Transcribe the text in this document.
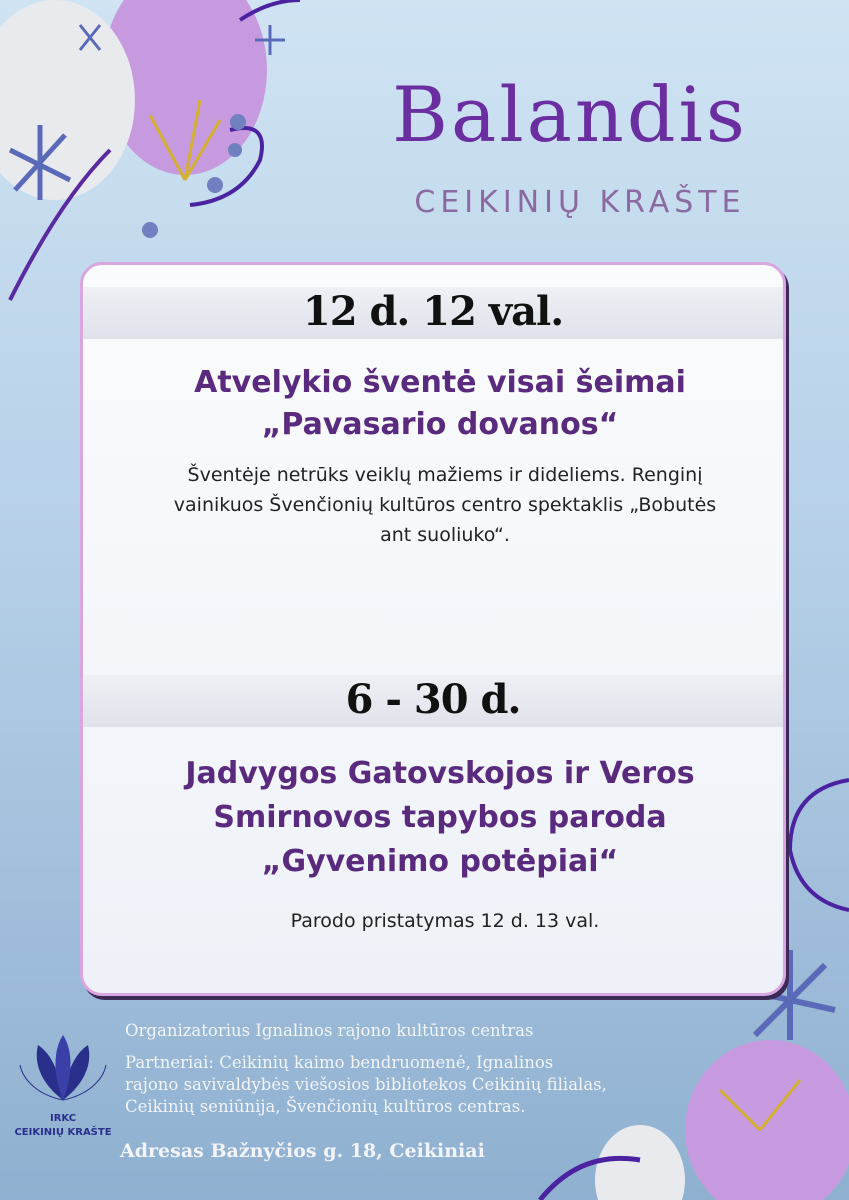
Balandis
CEIKINIŲ KRAŠTE
12 d. 12 val.
Atvelykio šventė visai šeimai
„Pavasario dovanos“
Šventėje netrūks veiklų mažiems ir dideliems. Renginį
vainikuos Švenčionių kultūros centro spektaklis „Bobutės
ant suoliuko“.
6 - 30 d.
Jadvygos Gatovskojos ir Veros
Smirnovos tapybos paroda
„Gyvenimo potėpiai“
Parodo pristatymas 12 d. 13 val.
IRKC
CEIKINIŲ KRAŠTE
Organizatorius Ignalinos rajono kultūros centras
Partneriai: Ceikinių kaimo bendruomenė, Ignalinos
rajono savivaldybės viešosios bibliotekos Ceikinių filialas,
Ceikinių seniūnija, Švenčionių kultūros centras.
Adresas Bažnyčios g. 18, Ceikiniai
